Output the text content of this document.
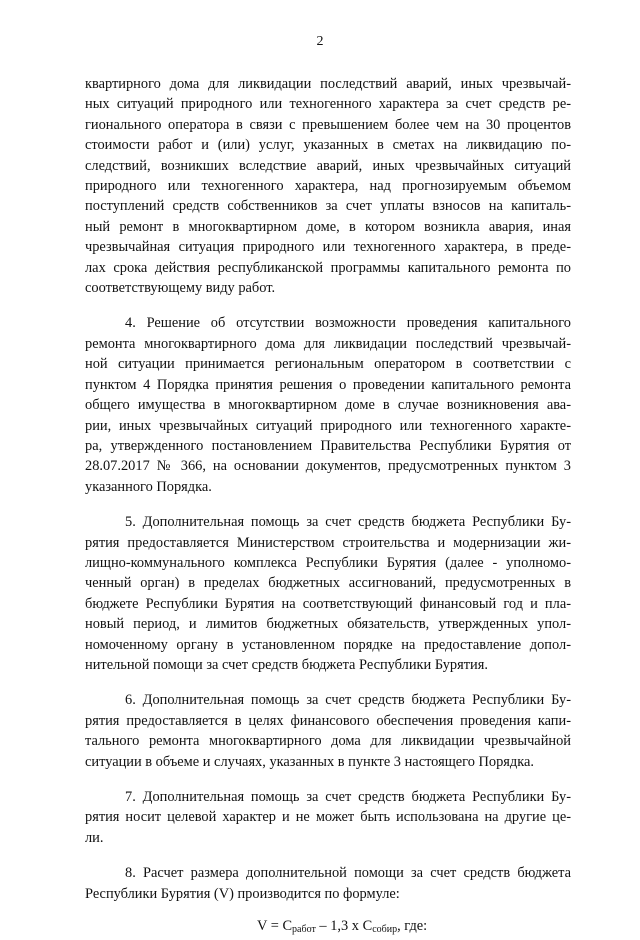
2
квартирного дома для ликвидации последствий аварий, иных чрезвычай-
ных ситуаций природного или техногенного характера за счет средств ре-
гионального оператора в связи с превышением более чем на 30 процентов
стоимости работ и (или) услуг, указанных в сметах на ликвидацию по-
следствий, возникших вследствие аварий, иных чрезвычайных ситуаций
природного или техногенного характера, над прогнозируемым объемом
поступлений средств собственников за счет уплаты взносов на капиталь-
ный ремонт в многоквартирном доме, в котором возникла авария, иная
чрезвычайная ситуация природного или техногенного характера, в преде-
лах срока действия республиканской программы капитального ремонта по
соответствующему виду работ.
4. Решение об отсутствии возможности проведения капитального
ремонта многоквартирного дома для ликвидации последствий чрезвычай-
ной ситуации принимается региональным оператором в соответствии с
пунктом 4 Порядка принятия решения о проведении капитального ремонта
общего имущества в многоквартирном доме в случае возникновения ава-
рии, иных чрезвычайных ситуаций природного или техногенного характе-
ра, утвержденного постановлением Правительства Республики Бурятия от
28.07.2017 № 366, на основании документов, предусмотренных пунктом 3
указанного Порядка.
5. Дополнительная помощь за счет средств бюджета Республики Бу-
рятия предоставляется Министерством строительства и модернизации жи-
лищно-коммунального комплекса Республики Бурятия (далее - уполномо-
ченный орган) в пределах бюджетных ассигнований, предусмотренных в
бюджете Республики Бурятия на соответствующий финансовый год и пла-
новый период, и лимитов бюджетных обязательств, утвержденных упол-
номоченному органу в установленном порядке на предоставление допол-
нительной помощи за счет средств бюджета Республики Бурятия.
6. Дополнительная помощь за счет средств бюджета Республики Бу-
рятия предоставляется в целях финансового обеспечения проведения капи-
тального ремонта многоквартирного дома для ликвидации чрезвычайной
ситуации в объеме и случаях, указанных в пункте 3 настоящего Порядка.
7. Дополнительная помощь за счет средств бюджета Республики Бу-
рятия носит целевой характер и не может быть использована на другие це-
ли.
8. Расчет размера дополнительной помощи за счет средств бюджета
Республики Бурятия (V) производится по формуле:
$V = C_{работ} - 1,3$ x $C_{собир}$, где:
